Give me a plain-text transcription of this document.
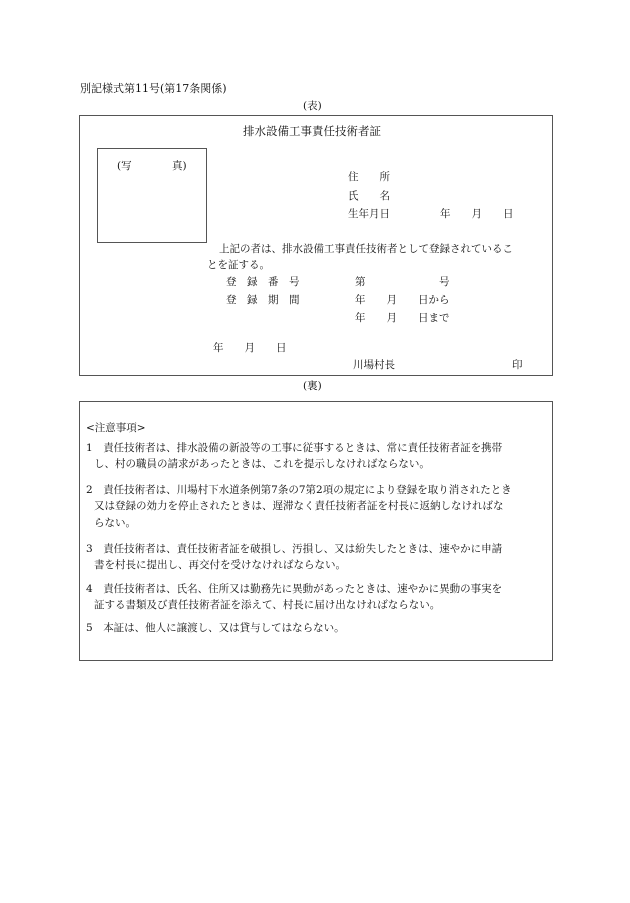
別記様式第11号(第17条関係)
(表)
排水設備工事責任技術者証
(写	真)
住　　所
氏　　名
生年月日	年　　月　　日
上記の者は、排水設備工事責任技術者として登録されているこ
とを証する。
登　録　番　号	第　　　　　　　号
登　録　期　間	年　　月　　日から
年　　月　　日まで
年　　月　　日
川場村長	印
(裏)
<注意事項>
1　 責任技術者は、排水設備の新設等の工事に従事するときは、常に責任技術者証を携帯
し、村の職員の請求があったときは、これを提示しなければならない。
2　 責任技術者は、川場村下水道条例第7条の7第2項の規定により登録を取り消されたとき
又は登録の効力を停止されたときは、遅滞なく責任技術者証を村長に返納しなければな
らない。
3　 責任技術者は、責任技術者証を破損し、汚損し、又は紛失したときは、速やかに申請
書を村長に提出し、再交付を受けなければならない。
4　 責任技術者は、氏名、住所又は勤務先に異動があったときは、速やかに異動の事実を
証する書類及び責任技術者証を添えて、村長に届け出なければならない。
5　 本証は、他人に譲渡し、又は貸与してはならない。
